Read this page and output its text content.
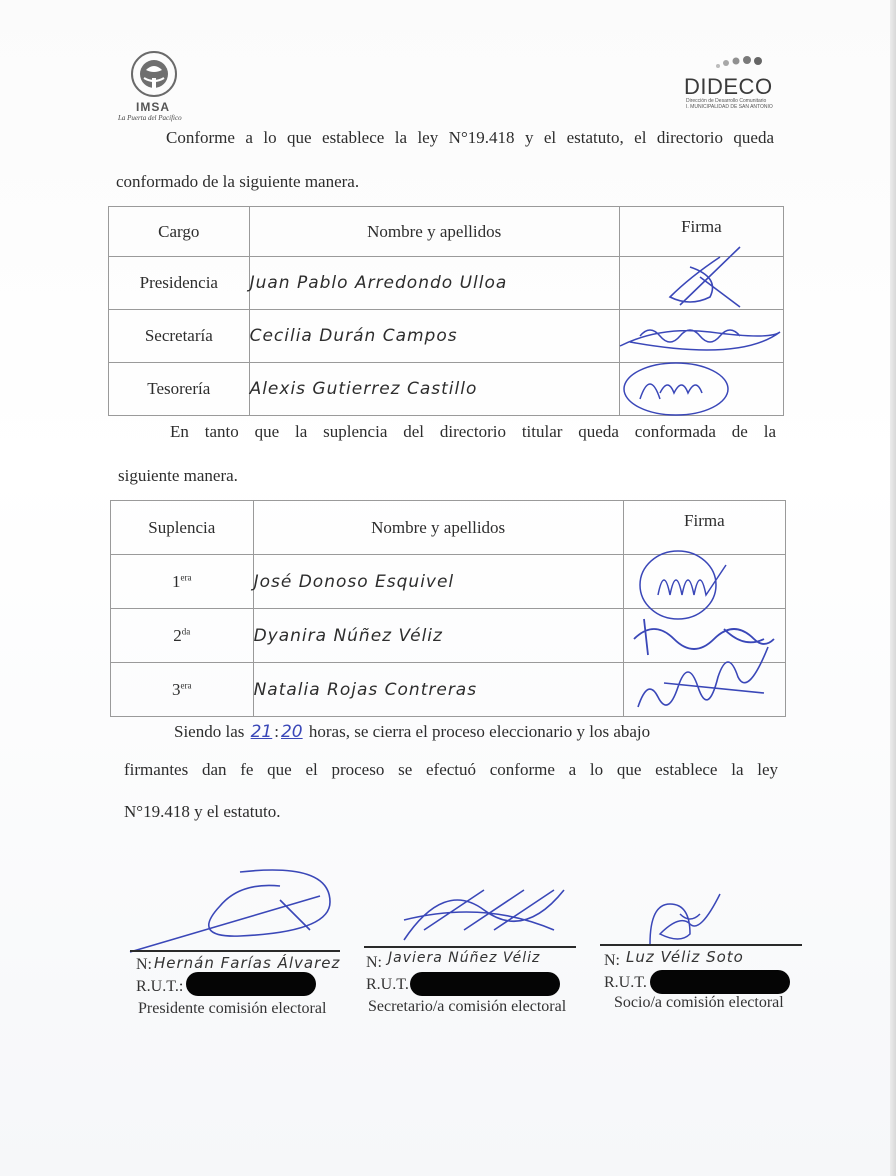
IMSA
La Puerta del Pacífico
DIDECO
Dirección de Desarrollo Comunitario
I. MUNICIPALIDAD DE SAN ANTONIO

Conforme a lo que establece la ley N°19.418 y el estatuto, el directorio queda

conformado de la siguiente manera.

Cargo	Nombre y apellidos	Firma
Presidencia	Juan Pablo Arredondo Ulloa	

Secretaría	Cecilia Durán Campos	

Tesorería	Alexis Gutierrez Castillo	

En tanto que la suplencia del directorio titular queda conformada de la

siguiente manera.

Suplencia	Nombre y apellidos	Firma
$1^{era}$	José Donoso Esquivel	

$2^{da}$	Dyanira Núñez Véliz	

$3^{era}$	Natalia Rojas Contreras	

Siendo las 21 : 20 horas, se cierra el proceso eleccionario y los abajo

firmantes dan fe que el proceso se efectuó conforme a lo que establece la ley

N°19.418 y el estatuto.

N: Hernán Farías Álvarez
R.U.T.:
Presidente comisión electoral
N: Javiera Núñez Véliz
R.U.T.
Secretario/a comisión electoral
N: Luz Véliz Soto
R.U.T.
Socio/a comisión electoral
